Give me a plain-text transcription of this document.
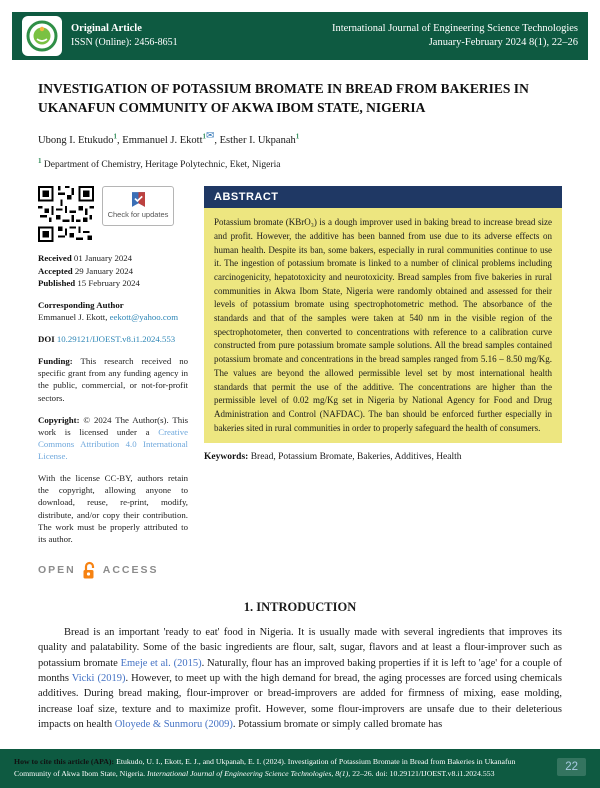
Original Article
ISSN (Online): 2456-8651
International Journal of Engineering Science Technologies
January-February 2024 8(1), 22–26
INVESTIGATION OF POTASSIUM BROMATE IN BREAD FROM BAKERIES IN UKANAFUN COMMUNITY OF AKWA IBOM STATE, NIGERIA
Ubong I. Etukudo$^1$, Emmanuel J. Ekott$^1$✉, Esther I. Ukpanah$^1$
$^1$ Department of Chemistry, Heritage Polytechnic, Eket, Nigeria
Check for updates
Received 01 January 2024
Accepted 29 January 2024
Published 15 February 2024
Corresponding Author
Emmanuel J. Ekott, eekott@yahoo.com
DOI 10.29121/IJOEST.v8.i1.2024.553
Funding: This research received no specific grant from any funding agency in the public, commercial, or not-for-profit sectors.
Copyright: © 2024 The Author(s). This work is licensed under a Creative Commons Attribution 4.0 International License.
With the license CC-BY, authors retain the copyright, allowing anyone to download, reuse, re-print, modify, distribute, and/or copy their contribution. The work must be properly attributed to its author.
OPEN	ACCESS
ABSTRACT
Potassium bromate (KBrO₃) is a dough improver used in baking bread to increase bread size and profit. However, the additive has been banned from use due to its adverse effects on human health. Despite its ban, some bakers, especially in rural communities continue to use it. The ingestion of potassium bromate is linked to a number of clinical problems including carcinogenicity, hepatotoxicity and neurotoxicity. Bread samples from five bakeries in rural communities in Akwa Ibom State, Nigeria were randomly obtained and assessed for their levels of potassium bromate using spectrophotometric method. The absorbance of the standards and that of the samples were taken at 540 nm in the visible region of the spectrophotometer, then converted to concentrations with reference to a calibration curve constructed from pure potassium bromate sample solutions. All the bread samples contained potassium bromate and concentrations in the bread samples ranged from 5.16 – 8.50 mg/Kg. The values are beyond the allowed permissible level set by most international health standards that permit the use of the additive. The concentrations are higher than the permissible level of 0.02 mg/Kg set in Nigeria by National Agency for Food and Drug Administration and Control (NAFDAC). The ban should be enforced further especially in bakeries sited in rural communities in order to properly safeguard the health of consumers.
Keywords: Bread, Potassium Bromate, Bakeries, Additives, Health
1. INTRODUCTION

Bread is an important 'ready to eat' food in Nigeria. It is usually made with several ingredients that improves its quality and palatability. Some of the basic ingredients are flour, salt, sugar, flavors and at least a flour-improver such as potassium bromate Emeje et al. (2015). Naturally, flour has an improved baking properties if it is left to 'age' for a couple of months Vicki (2019). However, to meet up with the high demand for bread, the aging processes are forced using chemicals additives. During bread making, flour-improver or bread-improvers are added for firmness of mixing, ease molding, increase loaf size, texture and to maximize profit. However, some flour-improvers are unsafe due to their deleterious impacts on health Oloyede & Sunmoru (2009). Potassium bromate or simply called bromate has

How to cite this article (APA): Etukudo, U. I., Ekott, E. J., and Ukpanah, E. I. (2024). Investigation of Potassium Bromate in Bread from Bakeries in Ukanafun Community of Akwa Ibom State, Nigeria. International Journal of Engineering Science Technologies, 8(1), 22–26. doi: 10.29121/IJOEST.v8.i1.2024.553	22
